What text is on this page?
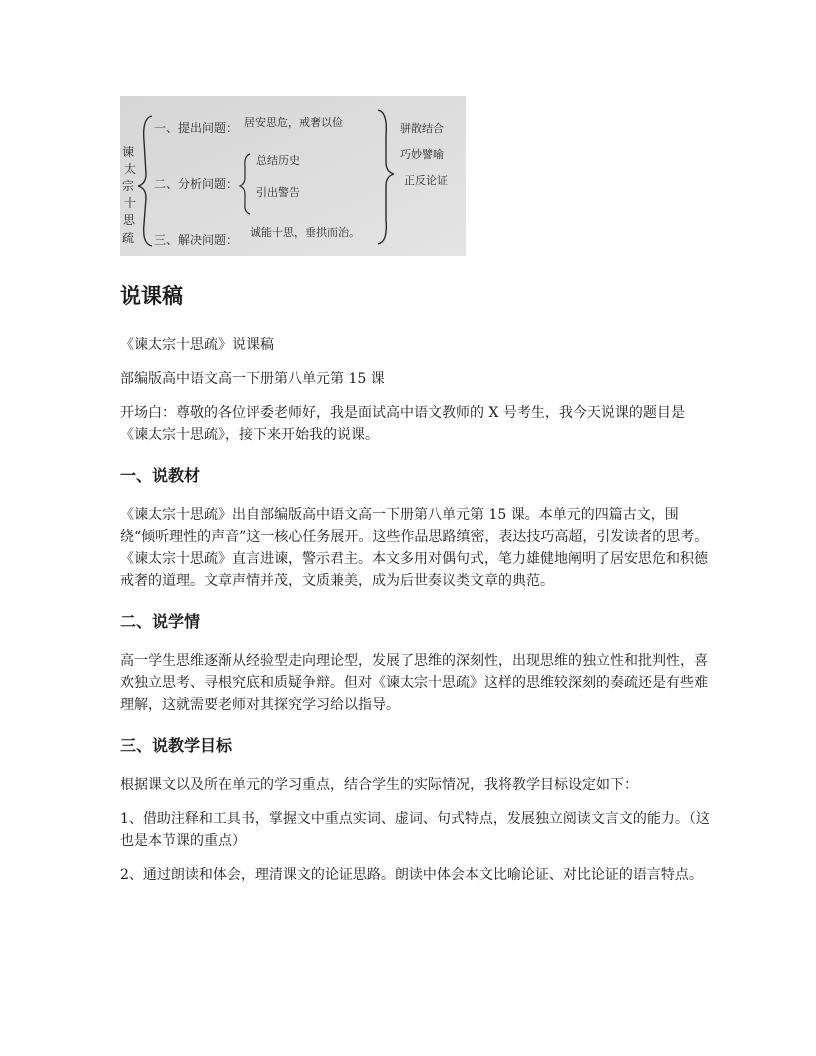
谏
太
宗
十
思
疏
一、提出问题： 居安思危，戒奢以俭
二、分析问题：
总结历史
引出警告
三、解决问题：
诚能十思，垂拱而治。
骈散结合
巧妙譬喻
正反论证
说课稿

《谏太宗十思疏》说课稿

部编版高中语文高一下册第八单元第 15 课

开场白：尊敬的各位评委老师好，我是面试高中语文教师的 X 号考生，我今天说课的题目是《谏太宗十思疏》，接下来开始我的说课。

一、说教材

《谏太宗十思疏》出自部编版高中语文高一下册第八单元第 15 课。本单元的四篇古文，围绕“倾听理性的声音”这一核心任务展开。这些作品思路缜密，表达技巧高超，引发读者的思考。《谏太宗十思疏》直言进谏，警示君主。本文多用对偶句式，笔力雄健地阐明了居安思危和积德戒奢的道理。文章声情并茂，文质兼美，成为后世奏议类文章的典范。

二、说学情

高一学生思维逐渐从经验型走向理论型，发展了思维的深刻性，出现思维的独立性和批判性，喜欢独立思考、寻根究底和质疑争辩。但对《谏太宗十思疏》这样的思维较深刻的奏疏还是有些难理解，这就需要老师对其探究学习给以指导。

三、说教学目标

根据课文以及所在单元的学习重点，结合学生的实际情况，我将教学目标设定如下：

1、借助注释和工具书，掌握文中重点实词、虚词、句式特点，发展独立阅读文言文的能力。（这也是本节课的重点）

2、通过朗读和体会，理清课文的论证思路。朗读中体会本文比喻论证、对比论证的语言特点。
